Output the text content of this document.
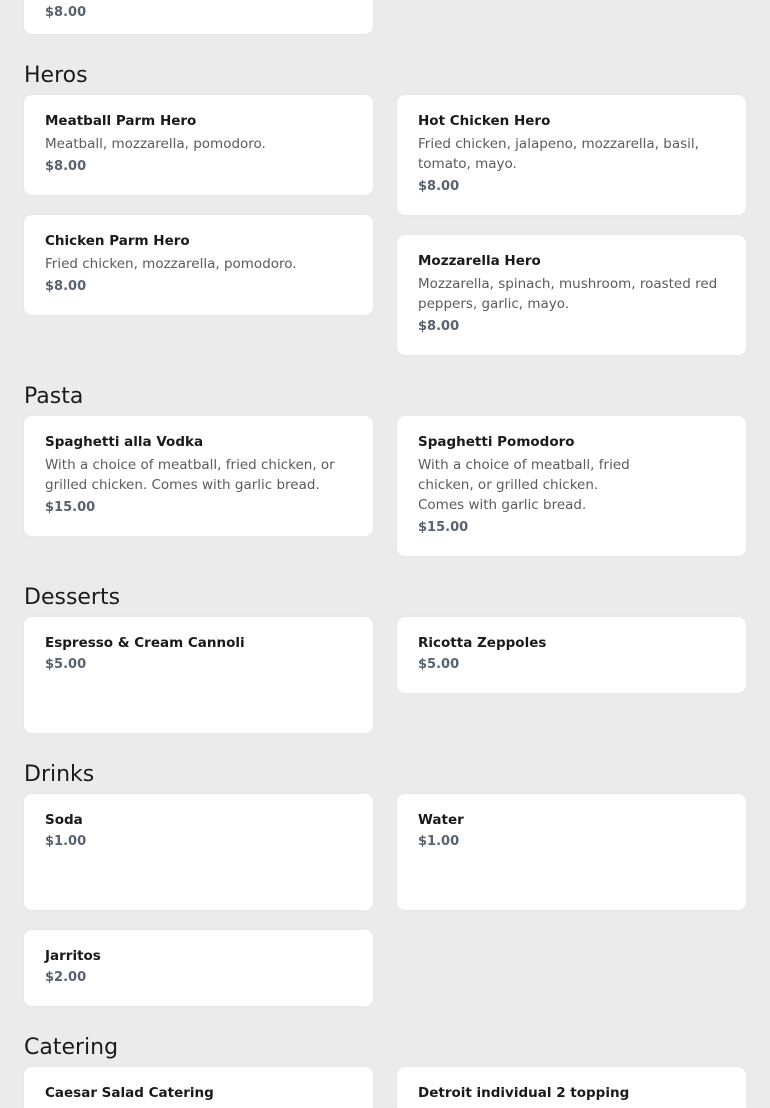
$8.00
Heros
Meatball Parm Hero
Meatball, mozzarella, pomodoro.
$8.00
Hot Chicken Hero
Fried chicken, jalapeno, mozzarella, basil, tomato, mayo.
$8.00
Chicken Parm Hero
Fried chicken, mozzarella, pomodoro.
$8.00
Mozzarella Hero
Mozzarella, spinach, mushroom, roasted red peppers, garlic, mayo.
$8.00
Pasta
Spaghetti alla Vodka
With a choice of meatball, fried chicken, or grilled chicken. Comes with garlic bread.
$15.00
Spaghetti Pomodoro
With a choice of meatball, fried chicken, or grilled chicken. Comes with garlic bread.
$15.00
Desserts
Espresso & Cream Cannoli
$5.00
Ricotta Zeppoles
$5.00
Drinks
Soda
$1.00
Water
$1.00
Jarritos
$2.00
Catering
Caesar Salad Catering	Detroit individual 2 topping
